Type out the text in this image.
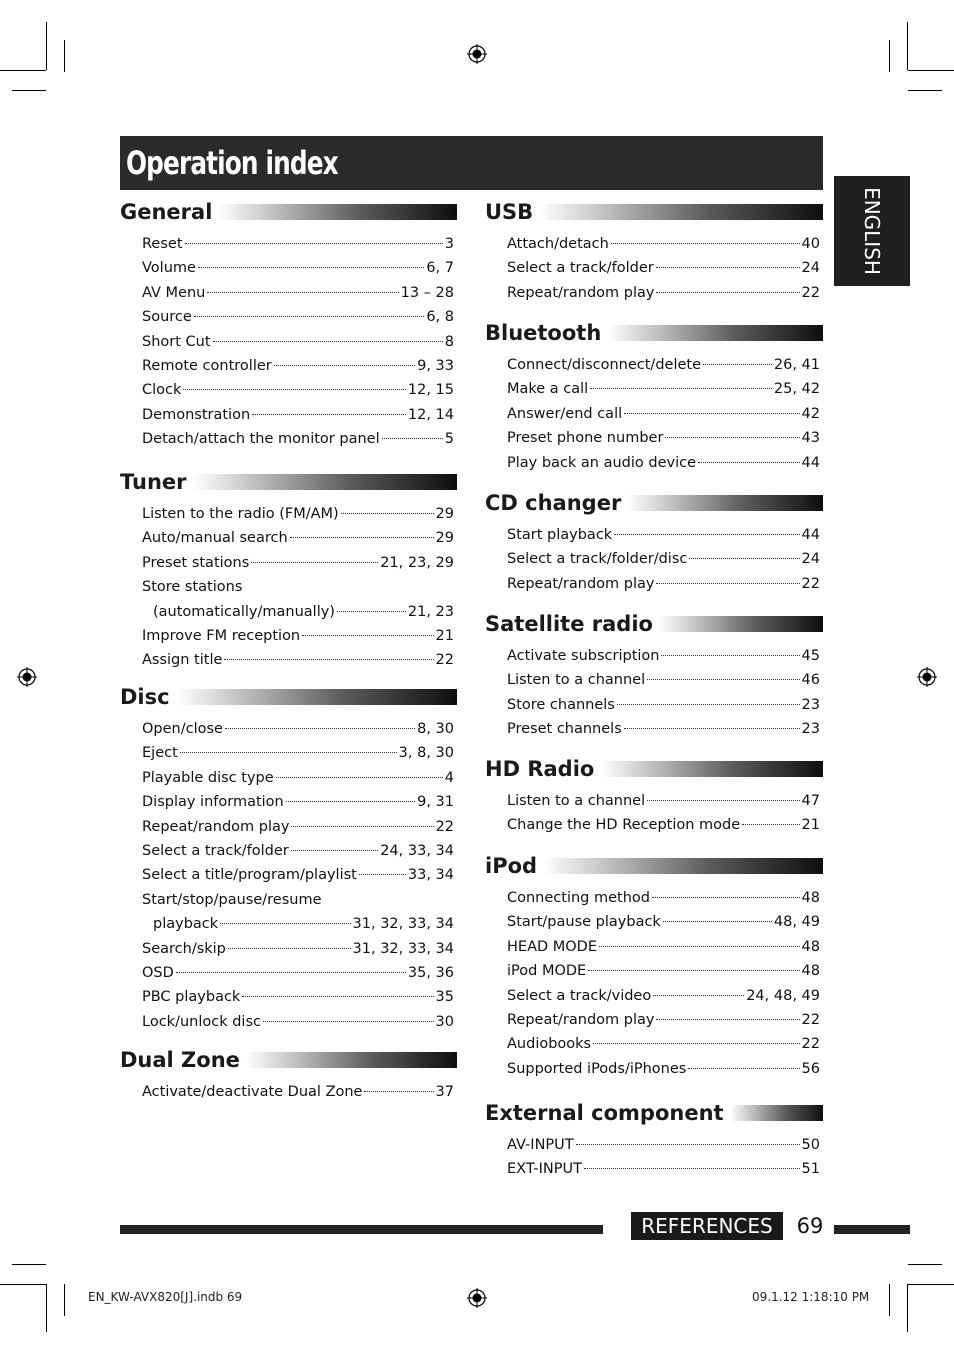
Operation index
ENGLISH
General
Reset	3
Volume	6, 7
AV Menu	13 – 28
Source	6, 8
Short Cut	8
Remote controller	9, 33
Clock	12, 15
Demonstration	12, 14
Detach/attach the monitor panel	5
Tuner
Listen to the radio (FM/AM)	29
Auto/manual search	29
Preset stations	21, 23, 29
Store stations
(automatically/manually)	21, 23
Improve FM reception	21
Assign title	22
Disc
Open/close	8, 30
Eject	3, 8, 30
Playable disc type	4
Display information	9, 31
Repeat/random play	22
Select a track/folder	24, 33, 34
Select a title/program/playlist	33, 34
Start/stop/pause/resume
playback	31, 32, 33, 34
Search/skip	31, 32, 33, 34
OSD	35, 36
PBC playback	35
Lock/unlock disc	30
Dual Zone
Activate/deactivate Dual Zone	37
USB
Attach/detach	40
Select a track/folder	24
Repeat/random play	22
Bluetooth
Connect/disconnect/delete	26, 41
Make a call	25, 42
Answer/end call	42
Preset phone number	43
Play back an audio device	44
CD changer
Start playback	44
Select a track/folder/disc	24
Repeat/random play	22
Satellite radio
Activate subscription	45
Listen to a channel	46
Store channels	23
Preset channels	23
HD Radio
Listen to a channel	47
Change the HD Reception mode	21
iPod
Connecting method	48
Start/pause playback	48, 49
HEAD MODE	48
iPod MODE	48
Select a track/video	24, 48, 49
Repeat/random play	22
Audiobooks	22
Supported iPods/iPhones	56
External component
AV-INPUT	50
EXT-INPUT	51
REFERENCES	69
EN_KW-AVX820[J].indb 69	09.1.12 1:18:10 PM
